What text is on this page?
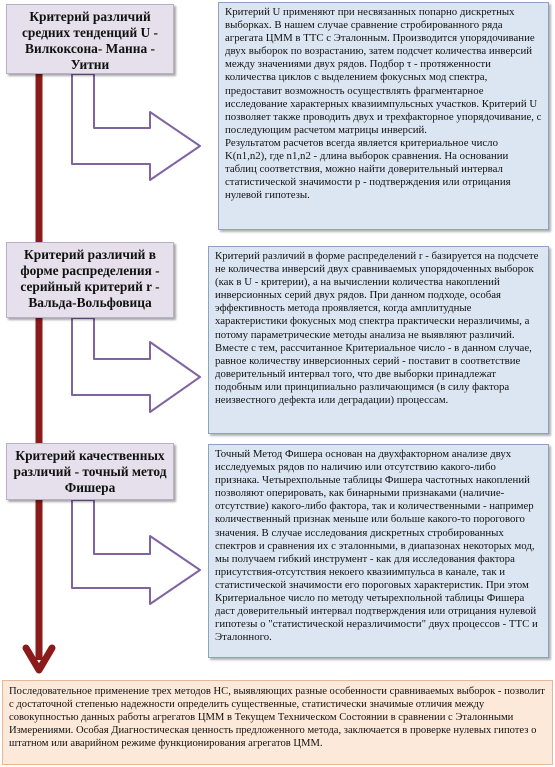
Критерий различий средних тенденций U - Вилкоксона- Манна - Уитни

Критерий U применяют при несвязанных попарно дискретных выборках. В нашем случае сравнение стробированного ряда агрегата ЦММ в ТТС с Эталонным. Производится упорядочивание двух выборок по возрастанию, затем подсчет количества инверсий между значениями двух рядов. Подбор τ - протяженности количества циклов с выделением фокусных мод спектра, предоставит возможность осуществлять фрагментарное исследование характерных квазиимпульсных участков. Критерий U позволяет также проводить двух и трехфакторное упорядочивание, с последующим расчетом матрицы инверсий.

Результатом расчетов всегда является критериальное число K(n1,n2), где n1,n2 - длина выборок сравнения. На основании таблиц соответствия, можно найти доверительный интервал статистической значимости p - подтверждения или отрицания нулевой гипотезы.

Критерий различий в форме распределения - серийный критерий r - Вальда-Вольфовица

Критерий различий в форме распределений r - базируется на подсчете не количества инверсий двух сравниваемых упорядоченных выборок (как в U - критерии), а на вычислении количества накоплений инверсионных серий двух рядов. При данном подходе, особая эффективность метода проявляется, когда амплитудные характеристики фокусных мод спектра практически неразличимы, а потому параметрические методы анализа не выявляют различий. Вместе с тем, рассчитанное Критериальное число - в данном случае, равное количеству инверсионных серий - поставит в соответствие доверительный интервал того, что две выборки принадлежат подобным или принципиально различающимся (в силу фактора неизвестного дефекта или деградации) процессам.

Критерий качественных различий - точный метод Фишера

Точный Метод Фишера основан на двухфакторном анализе двух исследуемых рядов по наличию или отсутствию какого-либо признака. Четырехпольные таблицы Фишера частотных накоплений позволяют оперировать, как бинарными признаками (наличие-отсутствие) какого-либо фактора, так и количественными - например количественный признак меньше или больше какого-то порогового значения. В случае исследования дискретных стробированных спектров и сравнения их с эталонными, в диапазонах некоторых мод, мы получаем гибкий инструмент - как для исследования фактора присутствия-отсутствия некоего квазиимпульса в канале, так и статистической значимости его пороговых характеристик. При этом Критериальное число по методу четырехпольной таблицы Фишера даст доверительный интервал подтверждения или отрицания нулевой гипотезы о "статистической неразличимости" двух процессов - ТТС и Эталонного.

Последовательное применение трех методов НС, выявляющих разные особенности сравниваемых выборок - позволит с достаточной степенью надежности определить существенные, статистически значимые отличия между совокупностью данных работы агрегатов ЦММ в Текущем Техническом Состоянии в сравнении с Эталонными Измерениями. Особая Диагностическая ценность предложенного метода, заключается в проверке нулевых гипотез о штатном или аварийном режиме функционирования агрегатов ЦММ.
